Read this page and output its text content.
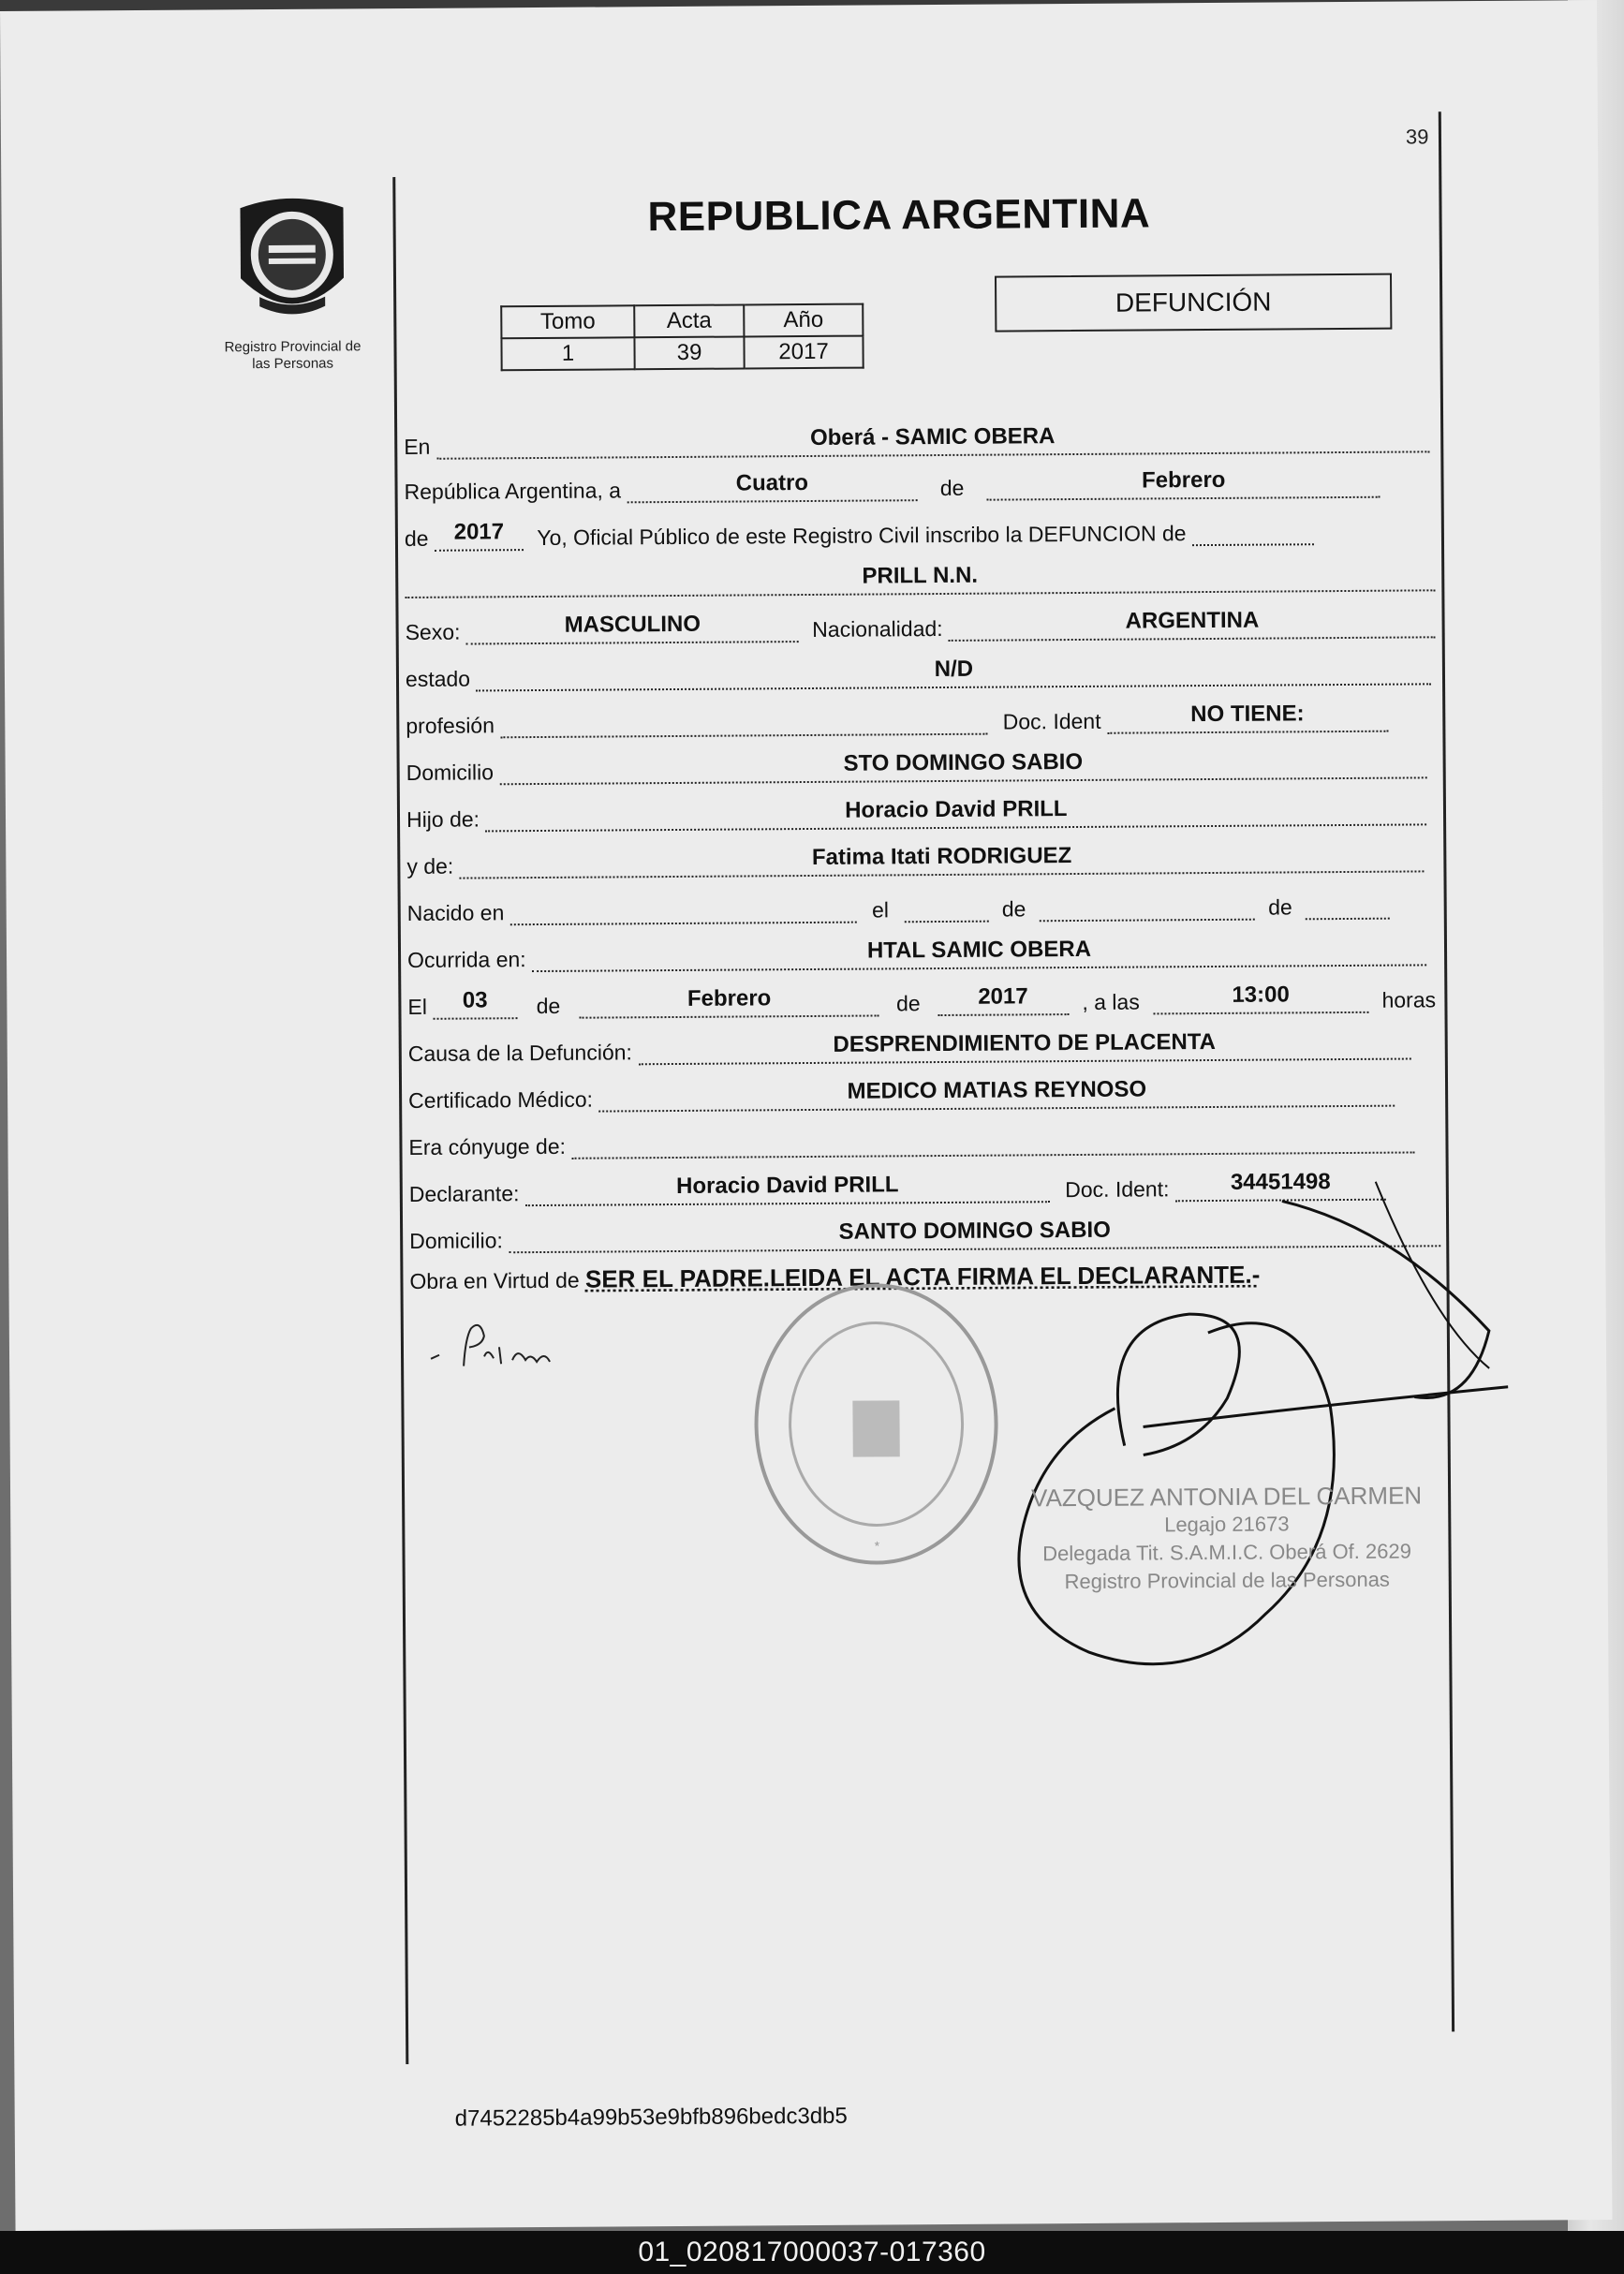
39
Registro Provincial de
las Personas
REPUBLICA ARGENTINA
Tomo	Acta	Año
1	39	2017
DEFUNCIÓN
En	Oberá - SAMIC OBERA
República Argentina, a	Cuatro	de	Febrero
de	2017	Yo, Oficial Público de este Registro Civil inscribo la DEFUNCION de
PRILL N.N.
Sexo:	MASCULINO	Nacionalidad:	ARGENTINA
estado	N/D
profesión	Doc. Ident	NO TIENE:
Domicilio	STO DOMINGO SABIO
Hijo de:	Horacio David PRILL
y de:	Fatima Itati RODRIGUEZ
Nacido en	el	de	de
Ocurrida en:	HTAL SAMIC OBERA
El	03	de	Febrero	de	2017	, a las	13:00	horas
Causa de la Defunción:	DESPRENDIMIENTO DE PLACENTA
Certificado Médico:	MEDICO MATIAS REYNOSO
Era cónyuge de:
Declarante:	Horacio David PRILL	Doc. Ident:	34451498
Domicilio:	SANTO DOMINGO SABIO
Obra en Virtud de SER EL PADRE.LEIDA EL ACTA FIRMA EL DECLARANTE.-
*
VAZQUEZ ANTONIA DEL CARMEN
Legajo 21673
Delegada Tit. S.A.M.I.C. Oberá Of. 2629
Registro Provincial de las Personas
d7452285b4a99b53e9bfb896bedc3db5
01_020817000037-017360
